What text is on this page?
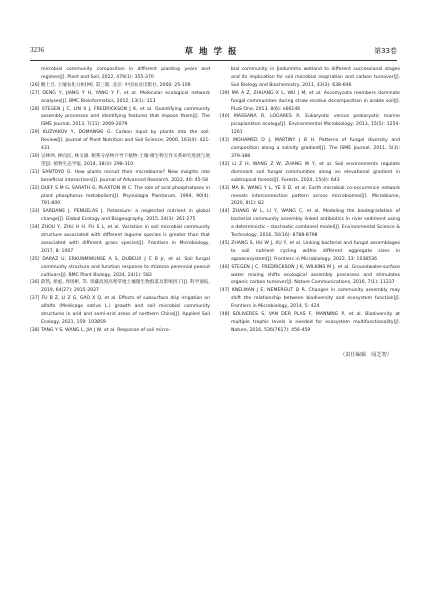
3236	草地学报	第33卷
microbial community composition in different planting years and regimes[J]. Plant and Soil, 2022, 479(1): 355-370
[26] 鲍士旦. 土壤农化分析[M]. 第三版. 北京: 中国农业出版社, 2000: 25-109
[27] DENG Y, JIANG Y H, YANG Y F, et al. Molecular ecological network analyses[J]. BMC Bioinformatics, 2012, 13(1): 113
[28] STEGEN J C, LIN X J, FREDRICKSON J K, et al. Quantifying community assembly processes and identifying features that impose them[J]. The ISME Journal, 2013, 7(11): 2069-2079
[29] KUZYAKOV Y, DOMANSKI G. Carbon input by plants into the soil. Review[J]. Journal of Plant Nutrition and Soil Science, 2000, 163(4): 421-431
[30] 吴林坤, 林向民, 林文雄. 根系分泌物介导下植物-土壤-微生物互作关系研究进展与展望[J]. 植物生态学报, 2014, 38(3): 298-310
[31] SANTOYO G. How plants recruit their microbiome? New insights into beneficial interactions[J]. Journal of Advanced Research, 2022, 40: 45-58
[32] DUFF S M G, SARATH G, PLAXTON W C. The role of acid phosphatases in plant phosphorus metabolism[J]. Physiologia Plantarum, 1994, 90(4): 791-800
[33] SARDANS J, PENUELAS J. Potassium: a neglected nutrient in global change[J]. Global Ecology and Biogeography, 2015, 24(3): 261-275
[34] ZHOU Y, ZHU H H, FU S L, et al. Variation in soil microbial community structure associated with different legume species is greater than that associated with different grass species[J]. Frontiers in Microbiology, 2017, 8: 1007
[35] DARAZ U, ERKUNMWUNSE A S, DUBEUX J C B Jr, et al. Soil fungal community structure and function response to rhizoma perennial peanut cultivars[J]. BMC Plant Biology, 2024, 24(1): 582
[36] 薛凯, 侯彪, 周扬彬, 等. 青藏高原高寒草地土壤微生物群落及影响因子[J]. 科学通报, 2019, 64(27): 2915-2927
[37] FU B Z, LI Z G, GAO X Q, et al. Effects of subsurface drip irrigation on alfalfa (Medicago sativa L.) growth and soil microbial community structures in arid and semi-arid areas of northern China[J]. Applied Soil Ecology, 2021, 159: 103859
[38] TANG Y S, WANG L, JIA J W, et al. Response of soil micro-
bial community in Jiadunmha wetland to different successional stages and its implication for soil microbial respiration and carbon turnover[J]. Soil Biology and Biochemistry, 2011, 43(3): 638-646
[39] MA A Z, ZHUANG X L, WU J M, et al. Ascomycota members dominate fungal communities during straw residue decomposition in arable soil[J]. PLoS One, 2013, 8(6): e66146
[40] MASSANA R, LOGARES R. Eukaryotic versus prokaryotic marine picoplankton ecology[J]. Environmental Microbiology, 2013, 15(5): 1254-1261
[41] MOHAMED D J, MARTINY J B H. Patterns of fungal diversity and composition along a salinity gradient[J]. The ISME Journal, 2011, 5(3): 379-388
[42] LI Z H, WANG Z W, ZHANG W Y, et al. Soil environments regulate dominant soil fungal communities along an elevational gradient in subtropical forests[J]. Forests, 2024, 15(4): 643
[43] MA B, WANG Y L, YE S D, et al. Earth microbial co-occurrence network reveals interconnection pattern across microbiomes[J]. Microbiome, 2020, 8(1): 82
[44] ZHANG W L, LI Y, WANG C, et al. Modeling the biodegradation of bacterial community assembly linked antibiotics in river sediment using a deterministic - stochastic combined model[J]. Environmental Science & Technology, 2016, 50(16): 8788-8798
[45] ZHANG S, HU W J, XU Y, et al. Linking bacterial and fungal assemblages to soil nutrient cycling within different aggregate sizes in agroecosystem[J]. Frontiers in Microbiology, 2022, 13: 1038536
[46] STEGEN J C, FREDRICKSON J K, WILKINS M J, et al. Groundwater-surface water mixing shifts ecological assembly processes and stimulates organic carbon turnover[J]. Nature Communications, 2016, 7(1): 11237
[47] KNELMAN J E, NEMERGUT D R. Changes in community assembly may shift the relationship between biodiversity and ecosystem function[J]. Frontiers in Microbiology, 2014, 5: 424
[48] SOLIVERES S, VAN DER PLAS F, MANNING P, et al. Biodiversity at multiple trophic levels is needed for ecosystem multifunctionality[J]. Nature, 2016, 536(7617): 456-459
（责任编辑　闵芝智）
